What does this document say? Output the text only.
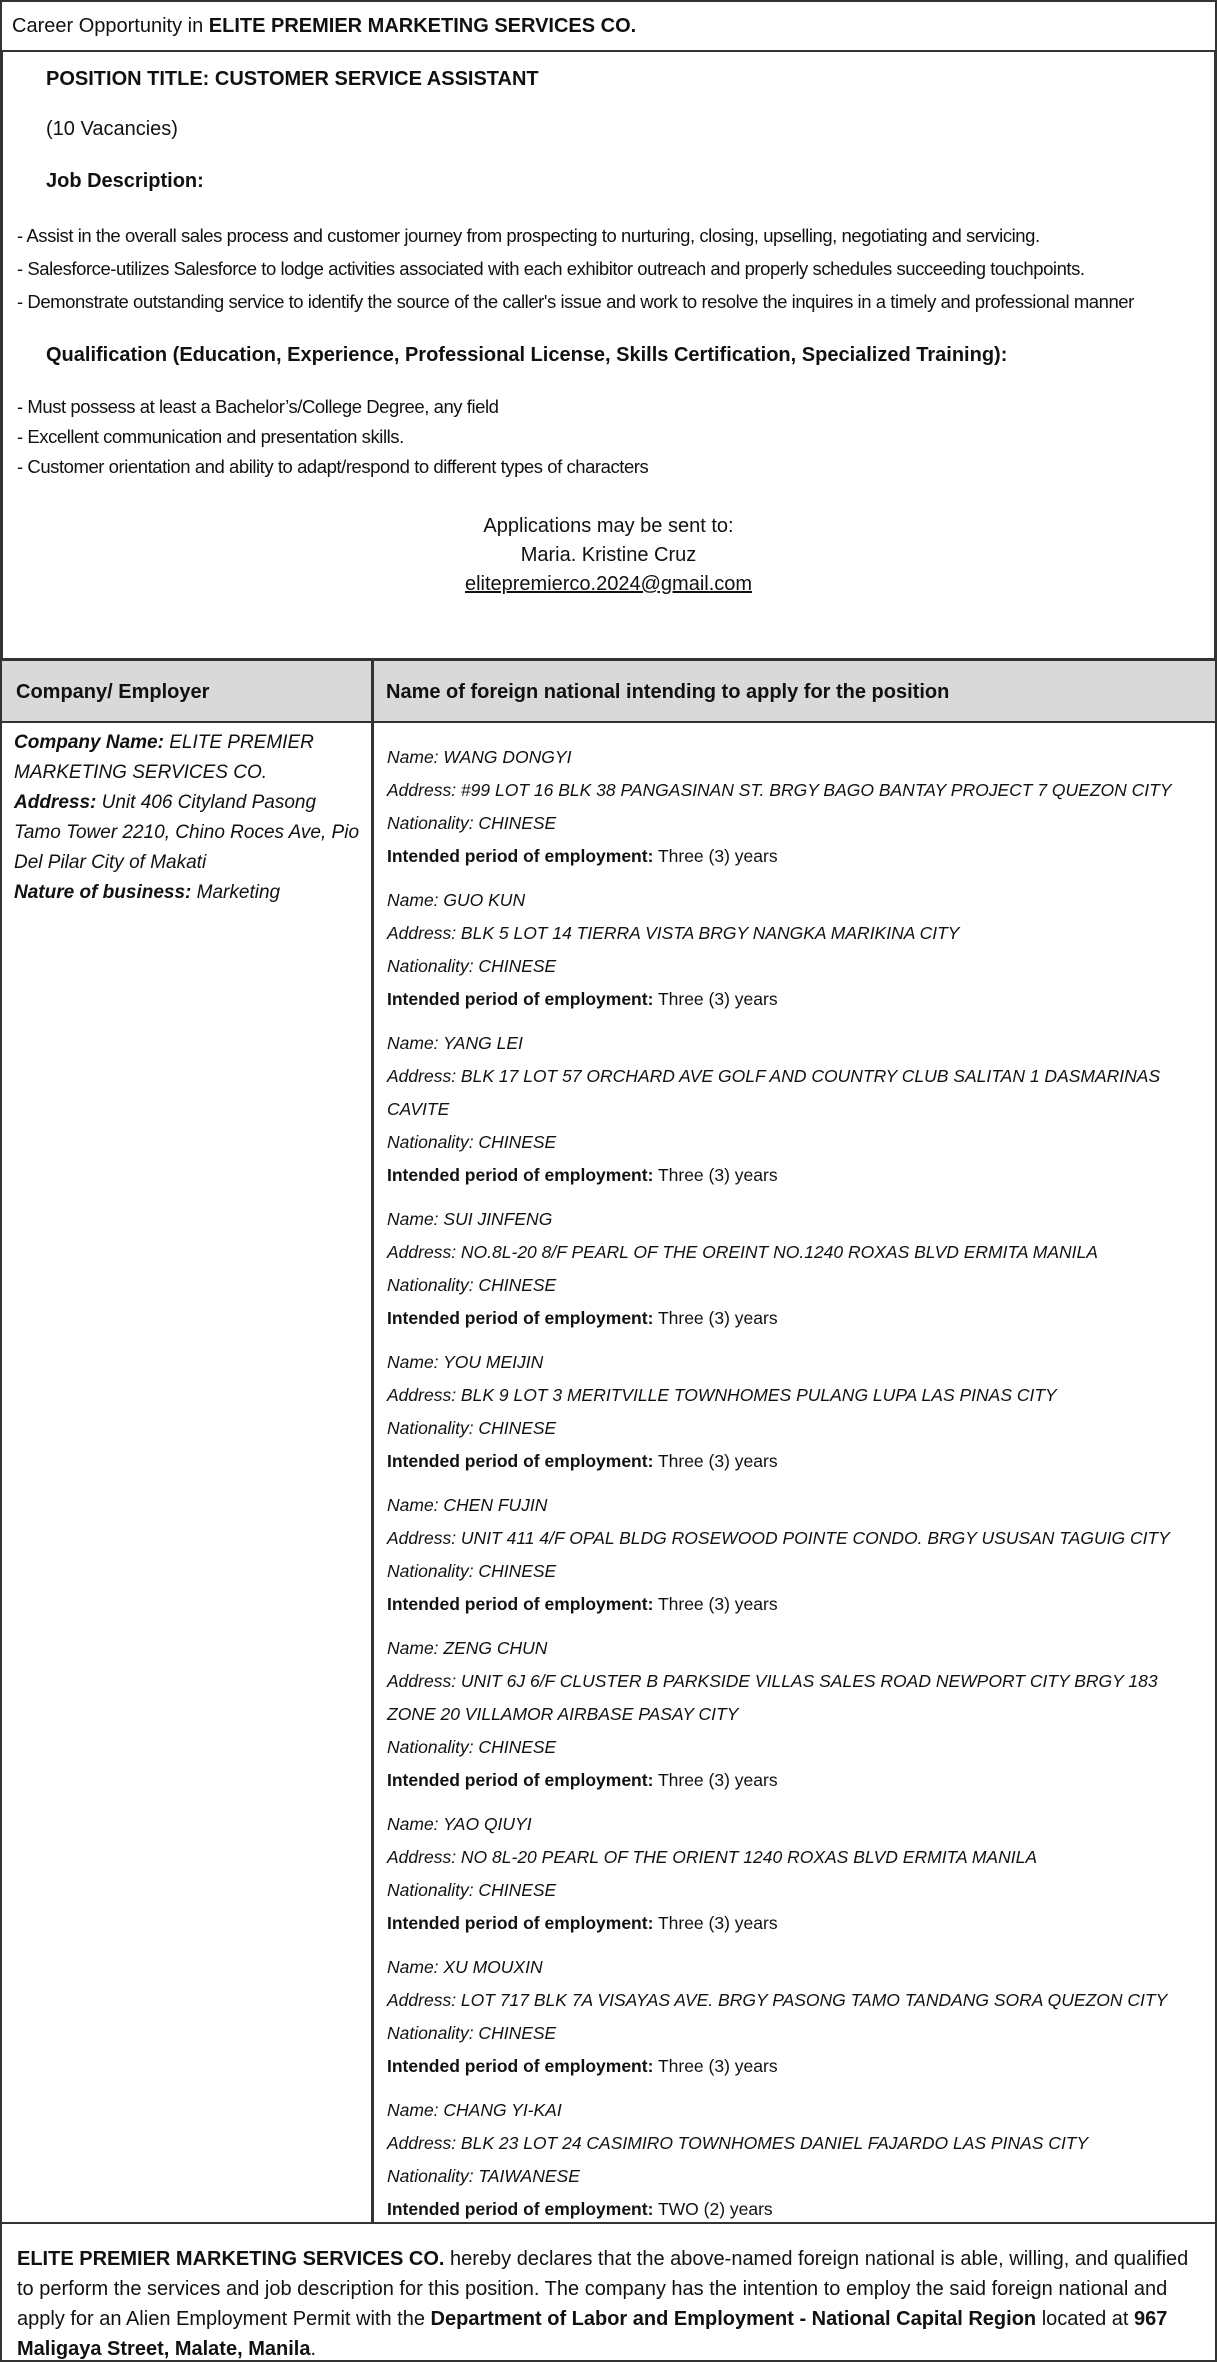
Career Opportunity in ELITE PREMIER MARKETING SERVICES CO.
POSITION TITLE: CUSTOMER SERVICE ASSISTANT
(10 Vacancies)
Job Description:
- Assist in the overall sales process and customer journey from prospecting to nurturing, closing, upselling, negotiating and servicing.
- Salesforce-utilizes Salesforce to lodge activities associated with each exhibitor outreach and properly schedules succeeding touchpoints.
- Demonstrate outstanding service to identify the source of the caller's issue and work to resolve the inquires in a timely and professional manner
Qualification (Education, Experience, Professional License, Skills Certification, Specialized Training):
- Must possess at least a Bachelor’s/College Degree, any field
- Excellent communication and presentation skills.
- Customer orientation and ability to adapt/respond to different types of characters
Applications may be sent to:
Maria. Kristine Cruz
elitepremierco.2024@gmail.com
Company/ Employer	Name of foreign national intending to apply for the position
Company Name: ELITE PREMIER MARKETING SERVICES CO.
Address: Unit 406 Cityland Pasong Tamo Tower 2210, Chino Roces Ave, Pio Del Pilar City of Makati
Nature of business: Marketing
Name: WANG DONGYI
Address: #99 LOT 16 BLK 38 PANGASINAN ST. BRGY BAGO BANTAY PROJECT 7 QUEZON CITY
Nationality: CHINESE
Intended period of employment: Three (3) years
Name: GUO KUN
Address: BLK 5 LOT 14 TIERRA VISTA BRGY NANGKA MARIKINA CITY
Nationality: CHINESE
Intended period of employment: Three (3) years
Name: YANG LEI
Address: BLK 17 LOT 57 ORCHARD AVE GOLF AND COUNTRY CLUB SALITAN 1 DASMARINAS CAVITE
Nationality: CHINESE
Intended period of employment: Three (3) years
Name: SUI JINFENG
Address: NO.8L-20 8/F PEARL OF THE OREINT NO.1240 ROXAS BLVD ERMITA MANILA
Nationality: CHINESE
Intended period of employment: Three (3) years
Name: YOU MEIJIN
Address: BLK 9 LOT 3 MERITVILLE TOWNHOMES PULANG LUPA LAS PINAS CITY
Nationality: CHINESE
Intended period of employment: Three (3) years
Name: CHEN FUJIN
Address: UNIT 411 4/F OPAL BLDG ROSEWOOD POINTE CONDO. BRGY USUSAN TAGUIG CITY
Nationality: CHINESE
Intended period of employment: Three (3) years
Name: ZENG CHUN
Address: UNIT 6J 6/F CLUSTER B PARKSIDE VILLAS SALES ROAD NEWPORT CITY BRGY 183 ZONE 20 VILLAMOR AIRBASE PASAY CITY
Nationality: CHINESE
Intended period of employment: Three (3) years
Name: YAO QIUYI
Address: NO 8L-20 PEARL OF THE ORIENT 1240 ROXAS BLVD ERMITA MANILA
Nationality: CHINESE
Intended period of employment: Three (3) years
Name: XU MOUXIN
Address: LOT 717 BLK 7A VISAYAS AVE. BRGY PASONG TAMO TANDANG SORA QUEZON CITY
Nationality: CHINESE
Intended period of employment: Three (3) years
Name: CHANG YI-KAI
Address: BLK 23 LOT 24 CASIMIRO TOWNHOMES DANIEL FAJARDO LAS PINAS CITY
Nationality: TAIWANESE
Intended period of employment: TWO (2) years
ELITE PREMIER MARKETING SERVICES CO. hereby declares that the above-named foreign national is able, willing, and qualified to perform the services and job description for this position. The company has the intention to employ the said foreign national and apply for an Alien Employment Permit with the Department of Labor and Employment - National Capital Region located at 967 Maligaya Street, Malate, Manila.
